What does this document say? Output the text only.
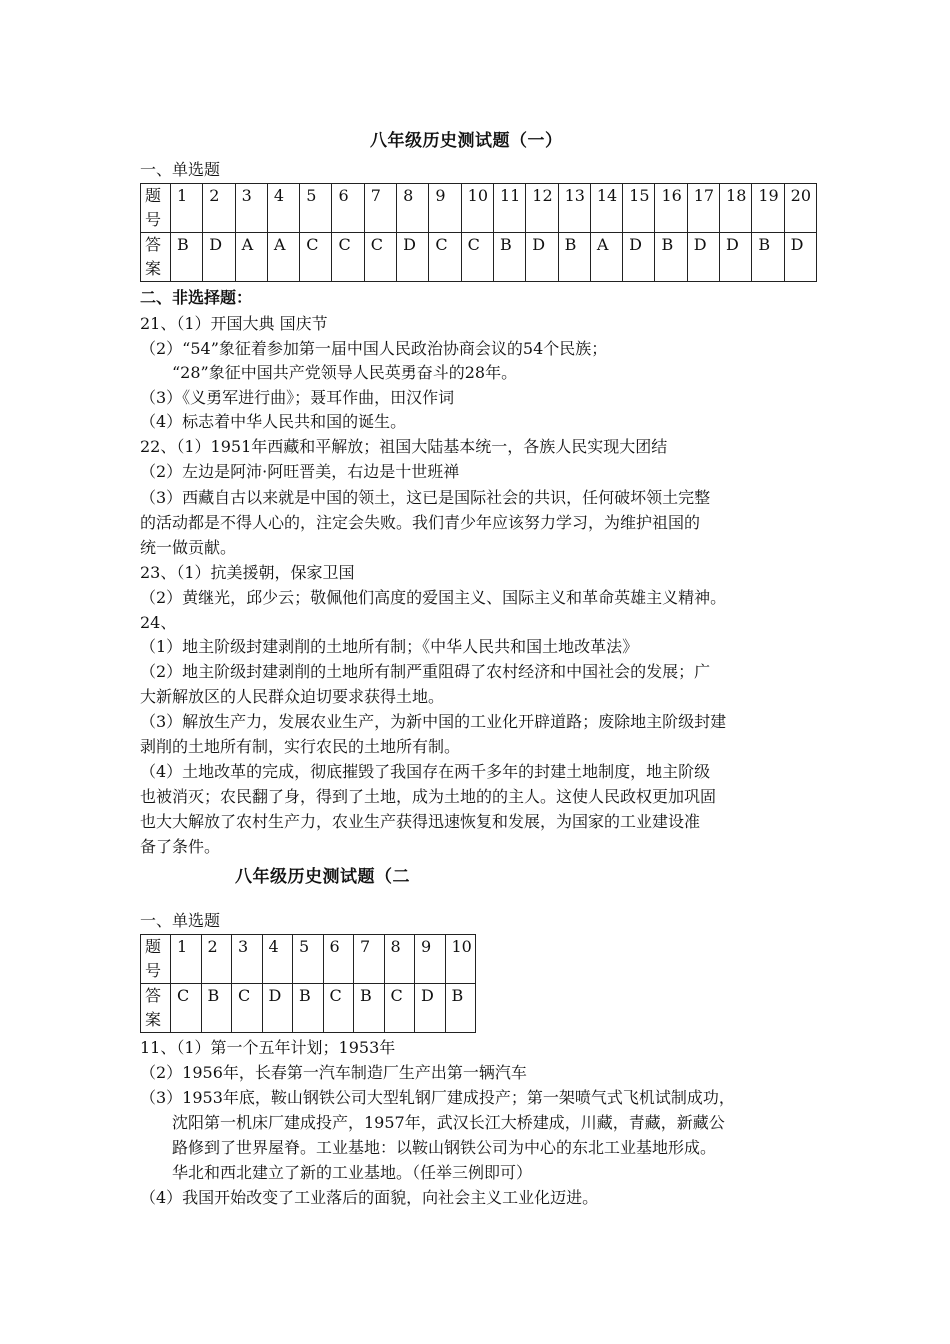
八年级历史测试题（一）
一、单选题
题号	1	2	3	4	5	6	7	8	9	10	11	12	13	14	15	16	17	18	19	20
答案	B	D	A	A	C	C	C	D	C	C	B	D	B	A	D	B	D	D	B	D
二、非选择题：
21、（1）开国大典 国庆节
（2）“54”象征着参加第一届中国人民政治协商会议的54个民族；
“28”象征中国共产党领导人民英勇奋斗的28年。
（3）《义勇军进行曲》；聂耳作曲，田汉作词
（4）标志着中华人民共和国的诞生。
22、（1）1951年西藏和平解放；祖国大陆基本统一，各族人民实现大团结
（2）左边是阿沛·阿旺晋美，右边是十世班禅
（3）西藏自古以来就是中国的领土，这已是国际社会的共识，任何破坏领土完整
的活动都是不得人心的，注定会失败。我们青少年应该努力学习，为维护祖国的
统一做贡献。
23、（1）抗美援朝，保家卫国
（2）黄继光，邱少云；敬佩他们高度的爱国主义、国际主义和革命英雄主义精神。
24、
（1）地主阶级封建剥削的土地所有制；《中华人民共和国土地改革法》
（2）地主阶级封建剥削的土地所有制严重阻碍了农村经济和中国社会的发展；广
大新解放区的人民群众迫切要求获得土地。
（3）解放生产力，发展农业生产，为新中国的工业化开辟道路；废除地主阶级封建
剥削的土地所有制，实行农民的土地所有制。
（4）土地改革的完成，彻底摧毁了我国存在两千多年的封建土地制度，地主阶级
也被消灭；农民翻了身，得到了土地，成为土地的的主人。这使人民政权更加巩固
也大大解放了农村生产力，农业生产获得迅速恢复和发展，为国家的工业建设准
备了条件。
八年级历史测试题（二
一、单选题
题号	1	2	3	4	5	6	7	8	9	10
答案	C	B	C	D	B	C	B	C	D	B
11、（1）第一个五年计划；1953年
（2）1956年，长春第一汽车制造厂生产出第一辆汽车
（3）1953年底，鞍山钢铁公司大型轧钢厂建成投产；第一架喷气式飞机试制成功，
沈阳第一机床厂建成投产，1957年，武汉长江大桥建成，川藏，青藏，新藏公
路修到了世界屋脊。工业基地：以鞍山钢铁公司为中心的东北工业基地形成。
华北和西北建立了新的工业基地。（任举三例即可）
（4）我国开始改变了工业落后的面貌，向社会主义工业化迈进。
